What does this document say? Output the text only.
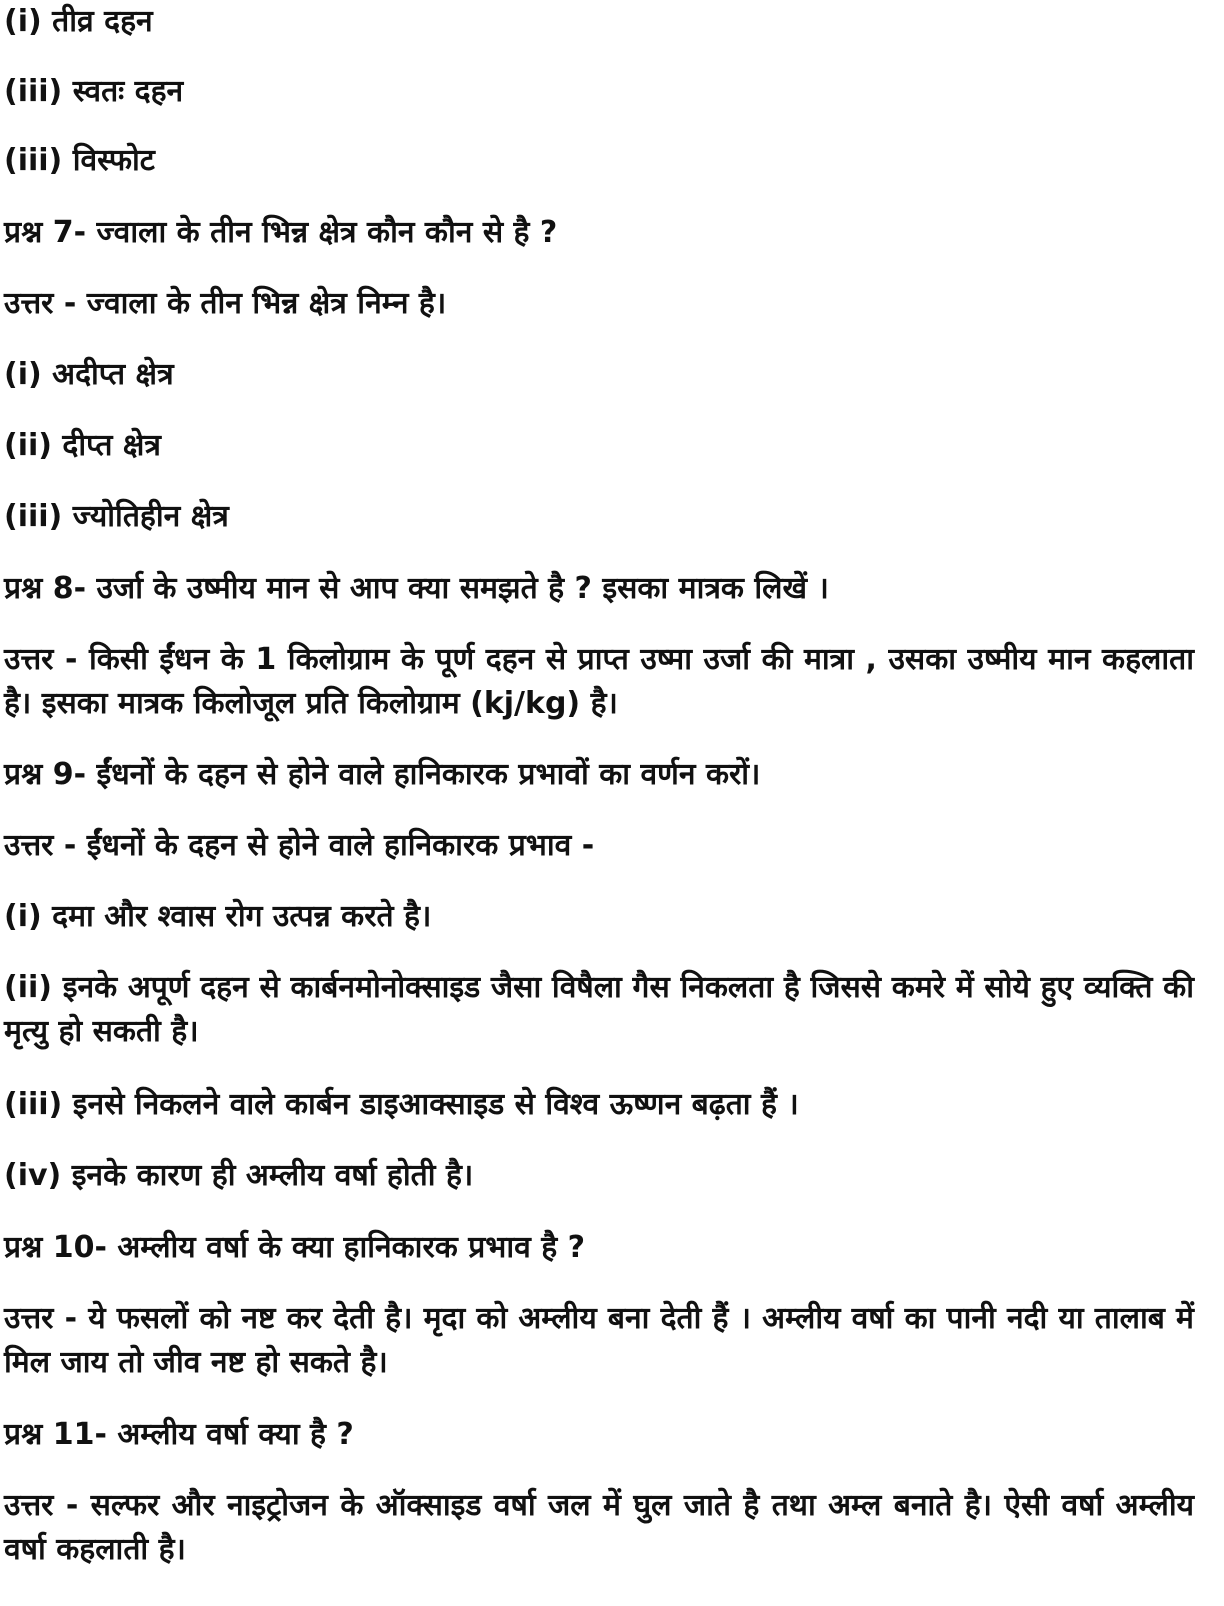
(i) तीव्र दहन
(iii) स्वतः दहन
(iii) विस्फोट
प्रश्न 7- ज्वाला के तीन भिन्न क्षेत्र कौन कौन से है ?
उत्तर - ज्वाला के तीन भिन्न क्षेत्र निम्न है।
(i) अदीप्त क्षेत्र
(ii) दीप्त क्षेत्र
(iii) ज्योतिहीन क्षेत्र
प्रश्न 8- उर्जा के उष्मीय मान से आप क्या समझते है ? इसका मात्रक लिखें ।
उत्तर - किसी ईंधन के 1 किलोग्राम के पूर्ण दहन से प्राप्त उष्मा उर्जा की मात्रा , उसका उष्मीय मान कहलाता है। इसका मात्रक किलोजूल प्रति किलोग्राम (kj/kg) है।
प्रश्न 9- ईंधनों के दहन से होने वाले हानिकारक प्रभावों का वर्णन करों।
उत्तर - ईंधनों के दहन से होने वाले हानिकारक प्रभाव -
(i) दमा और श्वास रोग उत्पन्न करते है।
(ii) इनके अपूर्ण दहन से कार्बनमोनोक्साइड जैसा विषैला गैस निकलता है जिससे कमरे में सोये हुए व्यक्ति की मृत्यु हो सकती है।
(iii) इनसे निकलने वाले कार्बन डाइआक्साइड से विश्व ऊष्णन बढ़ता हैं ।
(iv) इनके कारण ही अम्लीय वर्षा होती है।
प्रश्न 10- अम्लीय वर्षा के क्या हानिकारक प्रभाव है ?
उत्तर - ये फसलों को नष्ट कर देती है। मृदा को अम्लीय बना देती हैं । अम्लीय वर्षा का पानी नदी या तालाब में मिल जाय तो जीव नष्ट हो सकते है।
प्रश्न 11- अम्लीय वर्षा क्या है ?
उत्तर - सल्फर और नाइट्रोजन के ऑक्साइड वर्षा जल में घुल जाते है तथा अम्ल बनाते है। ऐसी वर्षा अम्लीय वर्षा कहलाती है।
